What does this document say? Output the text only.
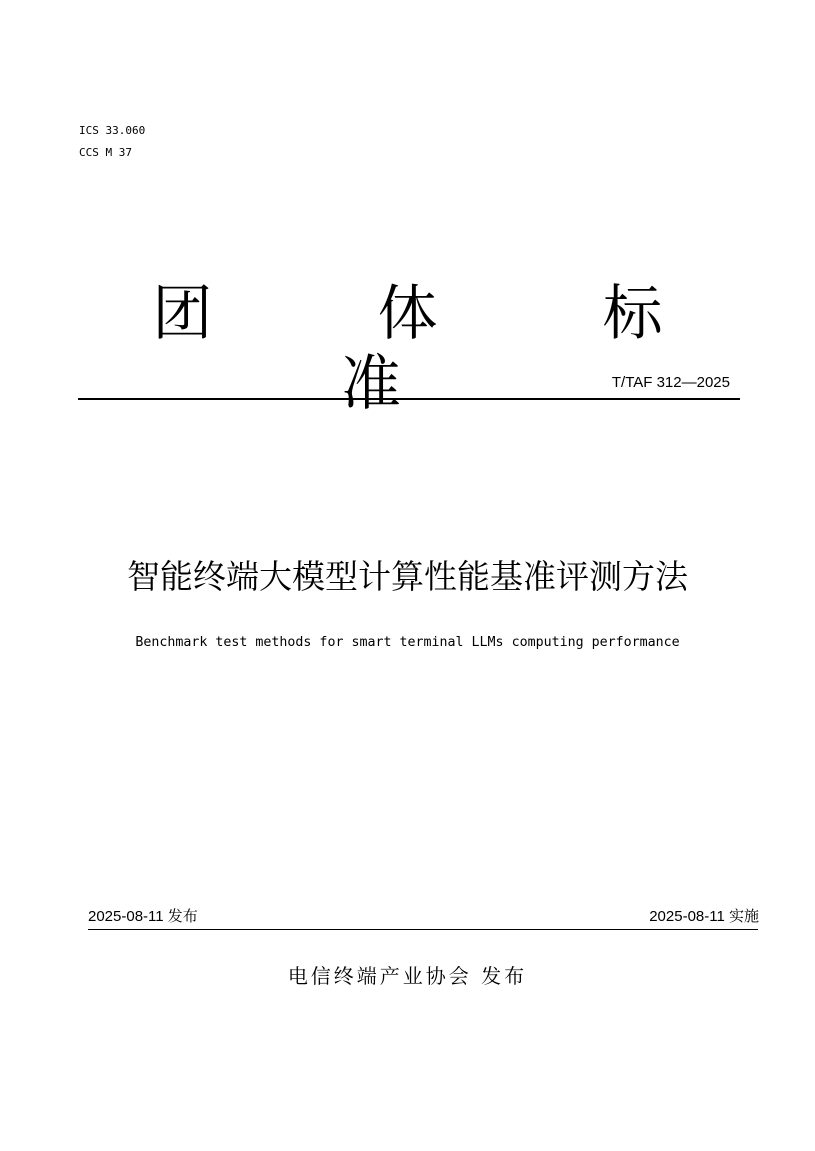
ICS 33.060
CCS M 37
团 体 标 准	T/TAF 312—2025
智能终端大模型计算性能基准评测方法
Benchmark test methods for smart terminal LLMs computing performance
2025-08-11 发布	2025-08-11 实施
电信终端产业协会 发布
